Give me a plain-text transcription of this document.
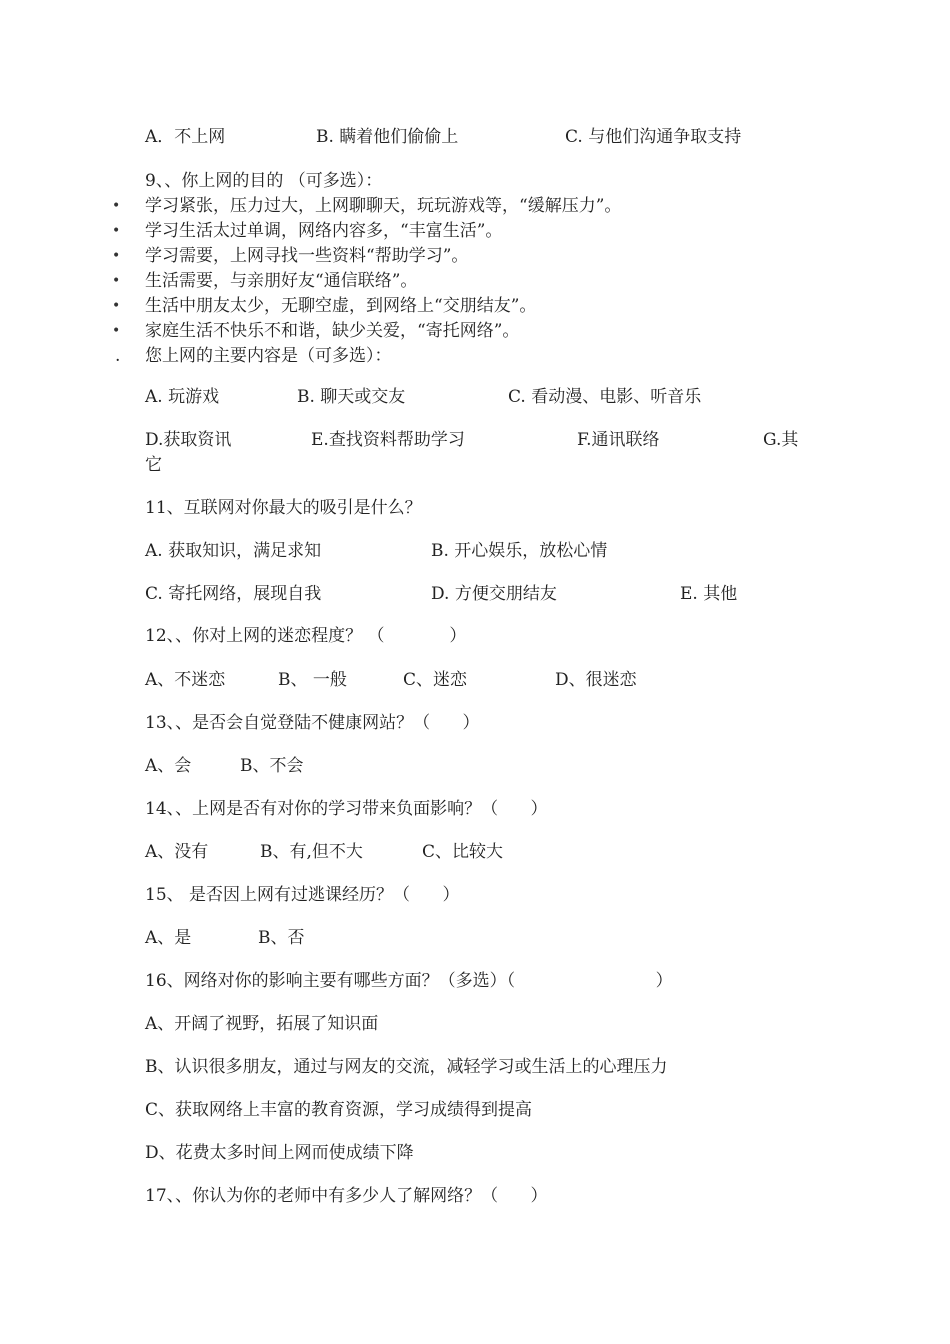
A．不上网	B. 瞒着他们偷偷上	C. 与他们沟通争取支持
9、、你上网的目的 （可多选）：
• 学习紧张，压力过大，上网聊聊天，玩玩游戏等，“缓解压力”。
• 学习生活太过单调，网络内容多，“丰富生活”。
• 学习需要，上网寻找一些资料“帮助学习”。
• 生活需要，与亲朋好友“通信联络”。
• 生活中朋友太少，无聊空虚，到网络上“交朋结友”。
• 家庭生活不快乐不和谐，缺少关爱，“寄托网络”。
. 您上网的主要内容是（可多选）：
A. 玩游戏	B. 聊天或交友	C. 看动漫、电影、听音乐
D.获取资讯	E.查找资料帮助学习	F.通讯联络	G.其
它
11、互联网对你最大的吸引是什么？
A. 获取知识，满足求知	B. 开心娱乐，放松心情
C. 寄托网络，展现自我	D. 方便交朋结友	E. 其他
12、、你对上网的迷恋程度？ （            ）
A、不迷恋	B、 一般	C、迷恋	D、很迷恋
13、、是否会自觉登陆不健康网站？（      ）
A、会	B、不会
14、、上网是否有对你的学习带来负面影响？（      ）
A、没有	B、有,但不大	C、比较大
15、 是否因上网有过逃课经历？（      ）
A、是	B、否
16、网络对你的影响主要有哪些方面？（多选）（                          ）
A、开阔了视野，拓展了知识面
B、认识很多朋友，通过与网友的交流，减轻学习或生活上的心理压力
C、获取网络上丰富的教育资源，学习成绩得到提高
D、花费太多时间上网而使成绩下降
17、、你认为你的老师中有多少人了解网络？（      ）
